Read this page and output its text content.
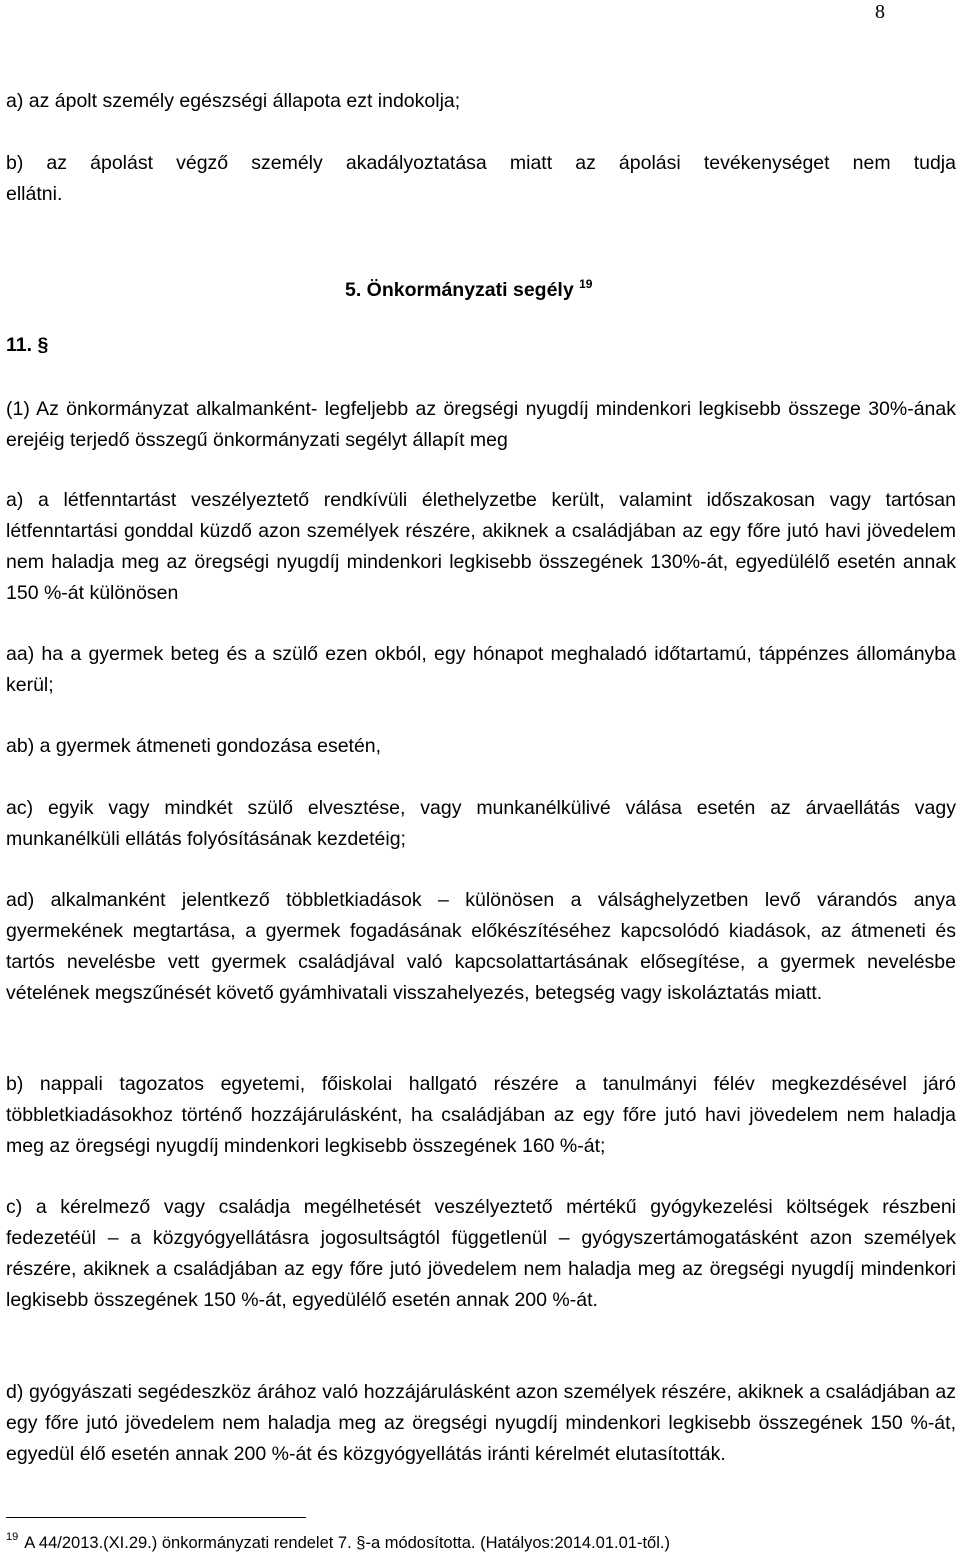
8

a) az ápolt személy egészségi állapota ezt indokolja;

b) az ápolást végző személy akadályoztatása miatt az ápolási tevékenységet nem tudja

ellátni.

5. Önkormányzati segély $^{19}$
11. §

(1) Az önkormányzat alkalmanként- legfeljebb az öregségi nyugdíj mindenkori legkisebb összege 30%-ának erejéig terjedő összegű önkormányzati segélyt állapít meg

a) a létfenntartást veszélyeztető rendkívüli élethelyzetbe került, valamint időszakosan vagy tartósan létfenntartási gonddal küzdő azon személyek részére, akiknek a családjában az egy főre jutó havi jövedelem nem haladja meg az öregségi nyugdíj mindenkori legkisebb összegének 130%-át, egyedülélő esetén annak 150 %-át különösen

aa) ha a gyermek beteg és a szülő ezen okból, egy hónapot meghaladó időtartamú, táppénzes állományba kerül;

ab) a gyermek átmeneti gondozása esetén,

ac) egyik vagy mindkét szülő elvesztése, vagy munkanélkülivé válása esetén az árvaellátás vagy munkanélküli ellátás folyósításának kezdetéig;

ad) alkalmanként jelentkező többletkiadások – különösen a válsághelyzetben levő várandós anya gyermekének megtartása, a gyermek fogadásának előkészítéséhez kapcsolódó kiadások, az átmeneti és tartós nevelésbe vett gyermek családjával való kapcsolattartásának elősegítése, a gyermek nevelésbe vételének megszűnését követő gyámhivatali visszahelyezés, betegség vagy iskoláztatás miatt.

b) nappali tagozatos egyetemi, főiskolai hallgató részére a tanulmányi félév megkezdésével járó többletkiadásokhoz történő hozzájárulásként, ha családjában az egy főre jutó havi jövedelem nem haladja meg az öregségi nyugdíj mindenkori legkisebb összegének 160 %-át;

c) a kérelmező vagy családja megélhetését veszélyeztető mértékű gyógykezelési költségek részbeni fedezetéül – a közgyógyellátásra jogosultságtól függetlenül – gyógyszertámogatásként azon személyek részére, akiknek a családjában az egy főre jutó jövedelem nem haladja meg az öregségi nyugdíj mindenkori legkisebb összegének 150 %-át, egyedülélő esetén annak 200 %-át.

d) gyógyászati segédeszköz árához való hozzájárulásként azon személyek részére, akiknek a családjában az egy főre jutó jövedelem nem haladja meg az öregségi nyugdíj mindenkori legkisebb összegének 150 %-át, egyedül élő esetén annak 200 %-át és közgyógyellátás iránti kérelmét elutasították.

$^{19}$ A 44/2013.(XI.29.) önkormányzati rendelet 7. §-a módosította. (Hatályos:2014.01.01-től.)
